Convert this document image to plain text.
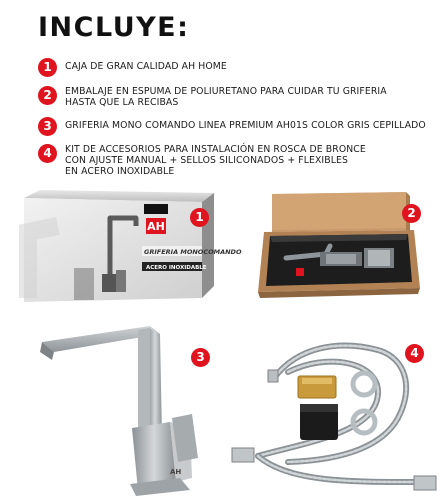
INCLUYE:
1	CAJA DE GRAN CALIDAD AH HOME
2	EMBALAJE EN ESPUMA DE POLIURETANO PARA CUIDAR TU GRIFERIA
HASTA QUE LA RECIBAS
3	GRIFERIA MONO COMANDO LINEA PREMIUM AH01S COLOR GRIS CEPILLADO
4	KIT DE ACCESORIOS PARA INSTALACIÓN EN ROSCA DE BRONCE
CON AJUSTE MANUAL + SELLOS SILICONADOS + FLEXIBLES
EN ACERO INOXIDABLE
AH
GRIFERIA MONOCOMANDO
ACERO INOXIDABLE
1	2
AH
3	4
